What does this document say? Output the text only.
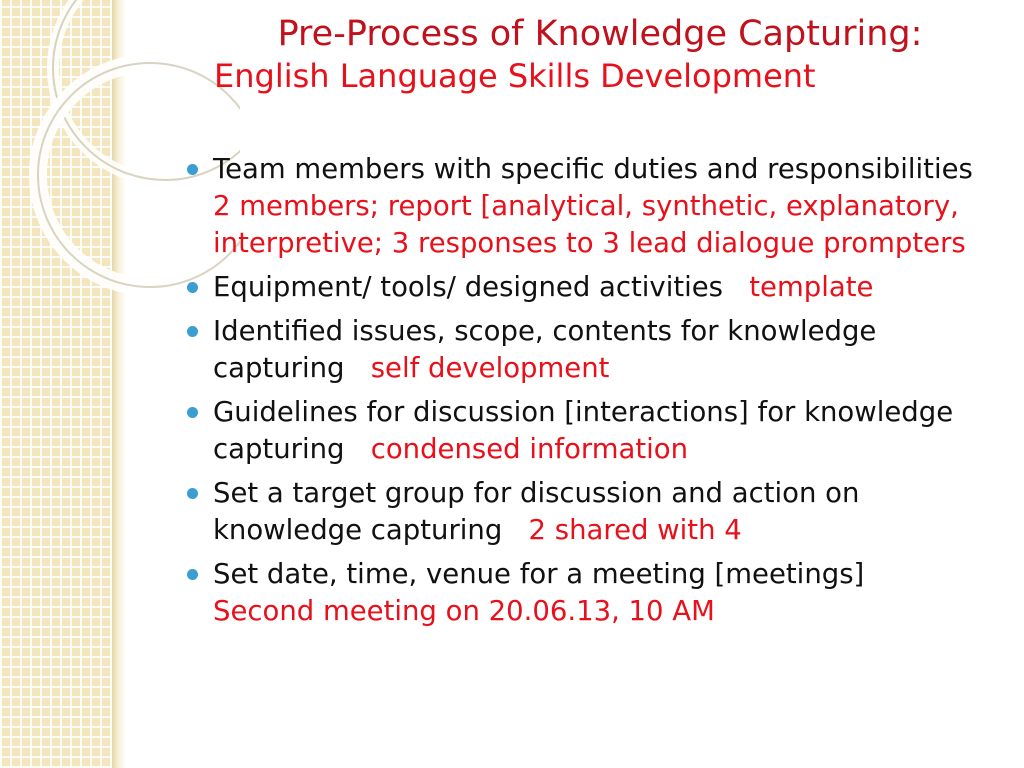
Pre-Process of Knowledge Capturing:
English Language Skills Development
Team members with specific duties and responsibilities    2 members; report [analytical, synthetic, explanatory, interpretive; 3 responses to 3 lead dialogue prompters
Equipment/ tools/ designed activities template
Identified issues, scope, contents for knowledge capturing self development
Guidelines for discussion [interactions] for knowledge capturing condensed information
Set a target group for discussion and action on knowledge capturing 2 shared with 4
Set date, time, venue for a meeting [meetings]
Second meeting on 20.06.13, 10 AM
